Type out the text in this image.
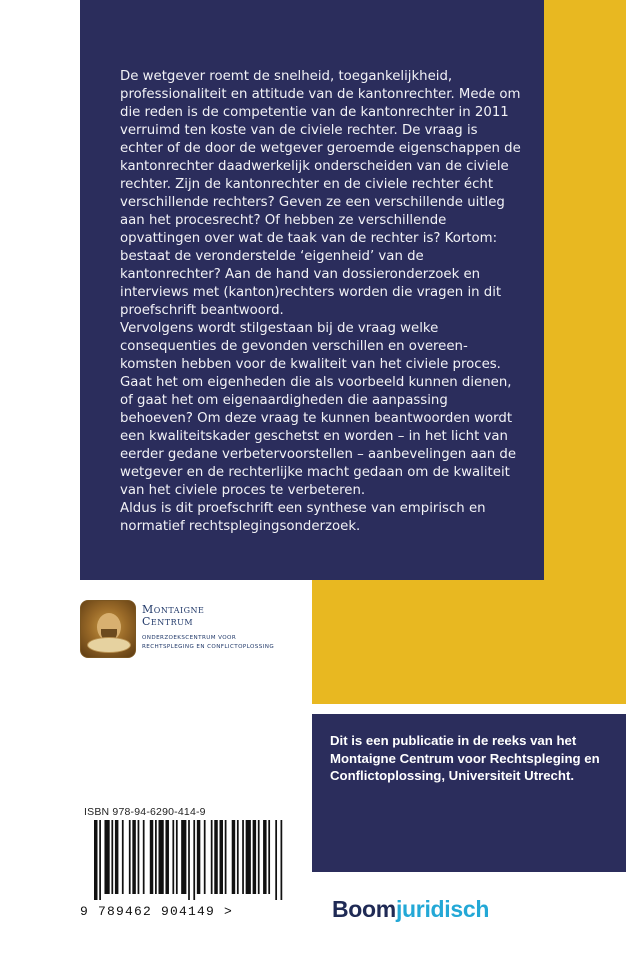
De wetgever roemt de snelheid, toegankelijkheid, professionaliteit en attitude van de kantonrechter. Mede om die reden is de competentie van de kantonrechter in 2011 verruimd ten koste van de civiele rechter. De vraag is echter of de door de wetgever geroemde eigenschappen de kantonrechter daadwerkelijk onderscheiden van de civiele rechter. Zijn de kantonrechter en de civiele rechter écht verschillende rechters? Geven ze een verschillende uitleg aan het procesrecht? Of hebben ze verschillende opvattingen over wat de taak van de rechter is? Kortom: bestaat de veronderstelde ‘eigenheid’ van de kantonrechter? Aan de hand van dossieronderzoek en interviews met (kanton)rechters worden die vragen in dit proefschrift beantwoord.

Vervolgens wordt stilgestaan bij de vraag welke consequenties de gevonden verschillen en overeen-komsten hebben voor de kwaliteit van het civiele proces. Gaat het om eigenheden die als voorbeeld kunnen dienen, of gaat het om eigenaardigheden die aanpassing behoeven? Om deze vraag te kunnen beantwoorden wordt een kwaliteitskader geschetst en worden – in het licht van eerder gedane verbetervoorstellen – aanbevelingen aan de wetgever en de rechterlijke macht gedaan om de kwaliteit van het civiele proces te verbeteren.

Aldus is dit proefschrift een synthese van empirisch en normatief rechtsplegingsonderzoek.

Montaigne
Centrum
ONDERZOEKSCENTRUM VOOR
RECHTSPLEGING EN CONFLICTOPLOSSING
Dit is een publicatie in de reeks van het Montaigne Centrum voor Rechtspleging en Conflictoplossing, Universiteit Utrecht.
ISBN 978-94-6290-414-9
9 789462 904149 >	Boomjuridisch
